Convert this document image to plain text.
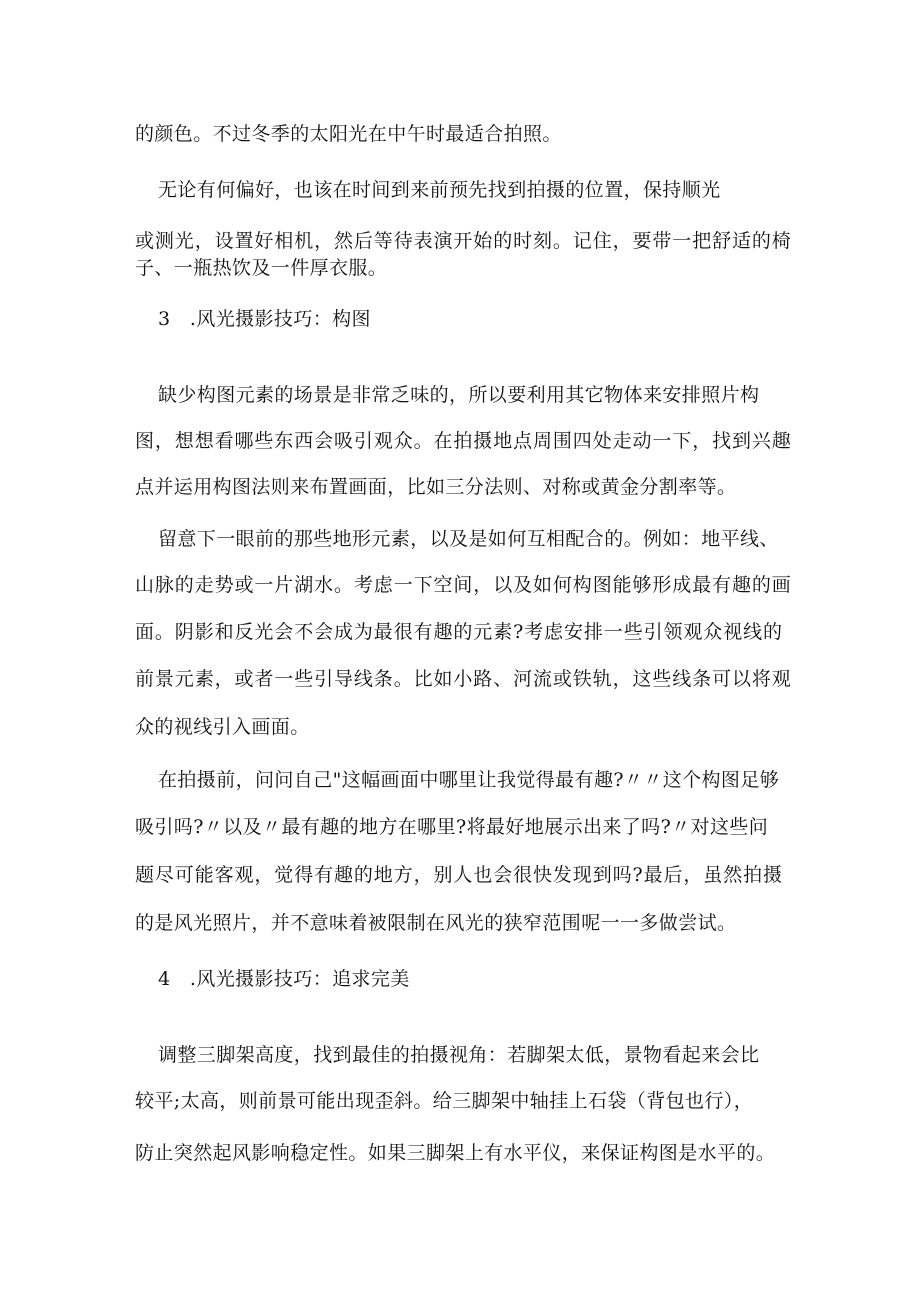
的颜色。不过冬季的太阳光在中午时最适合拍照。
无论有何偏好，也该在时间到来前预先找到拍摄的位置，保持顺光
或测光，设置好相机，然后等待表演开始的时刻。记住，要带一把舒适的椅
子、一瓶热饮及一件厚衣服。
3　.风光摄影技巧：构图
缺少构图元素的场景是非常乏味的，所以要利用其它物体来安排照片构
图，想想看哪些东西会吸引观众。在拍摄地点周围四处走动一下，找到兴趣
点并运用构图法则来布置画面，比如三分法则、对称或黄金分割率等。
留意下一眼前的那些地形元素，以及是如何互相配合的。例如：地平线、
山脉的走势或一片湖水。考虑一下空间，以及如何构图能够形成最有趣的画
面。阴影和反光会不会成为最很有趣的元素?考虑安排一些引领观众视线的
前景元素，或者一些引导线条。比如小路、河流或铁轨，这些线条可以将观
众的视线引入画面。
在拍摄前，问问自己"这幅画面中哪里让我觉得最有趣?〃〃这个构图足够
吸引吗?〃以及〃最有趣的地方在哪里?将最好地展示出来了吗?〃对这些问
题尽可能客观，觉得有趣的地方，别人也会很快发现到吗?最后，虽然拍摄
的是风光照片，并不意味着被限制在风光的狭窄范围呢一一多做尝试。
4　.风光摄影技巧：追求完美
调整三脚架高度，找到最佳的拍摄视角：若脚架太低，景物看起来会比
较平;太高，则前景可能出现歪斜。给三脚架中轴挂上石袋（背包也行），
防止突然起风影响稳定性。如果三脚架上有水平仪，来保证构图是水平的。
